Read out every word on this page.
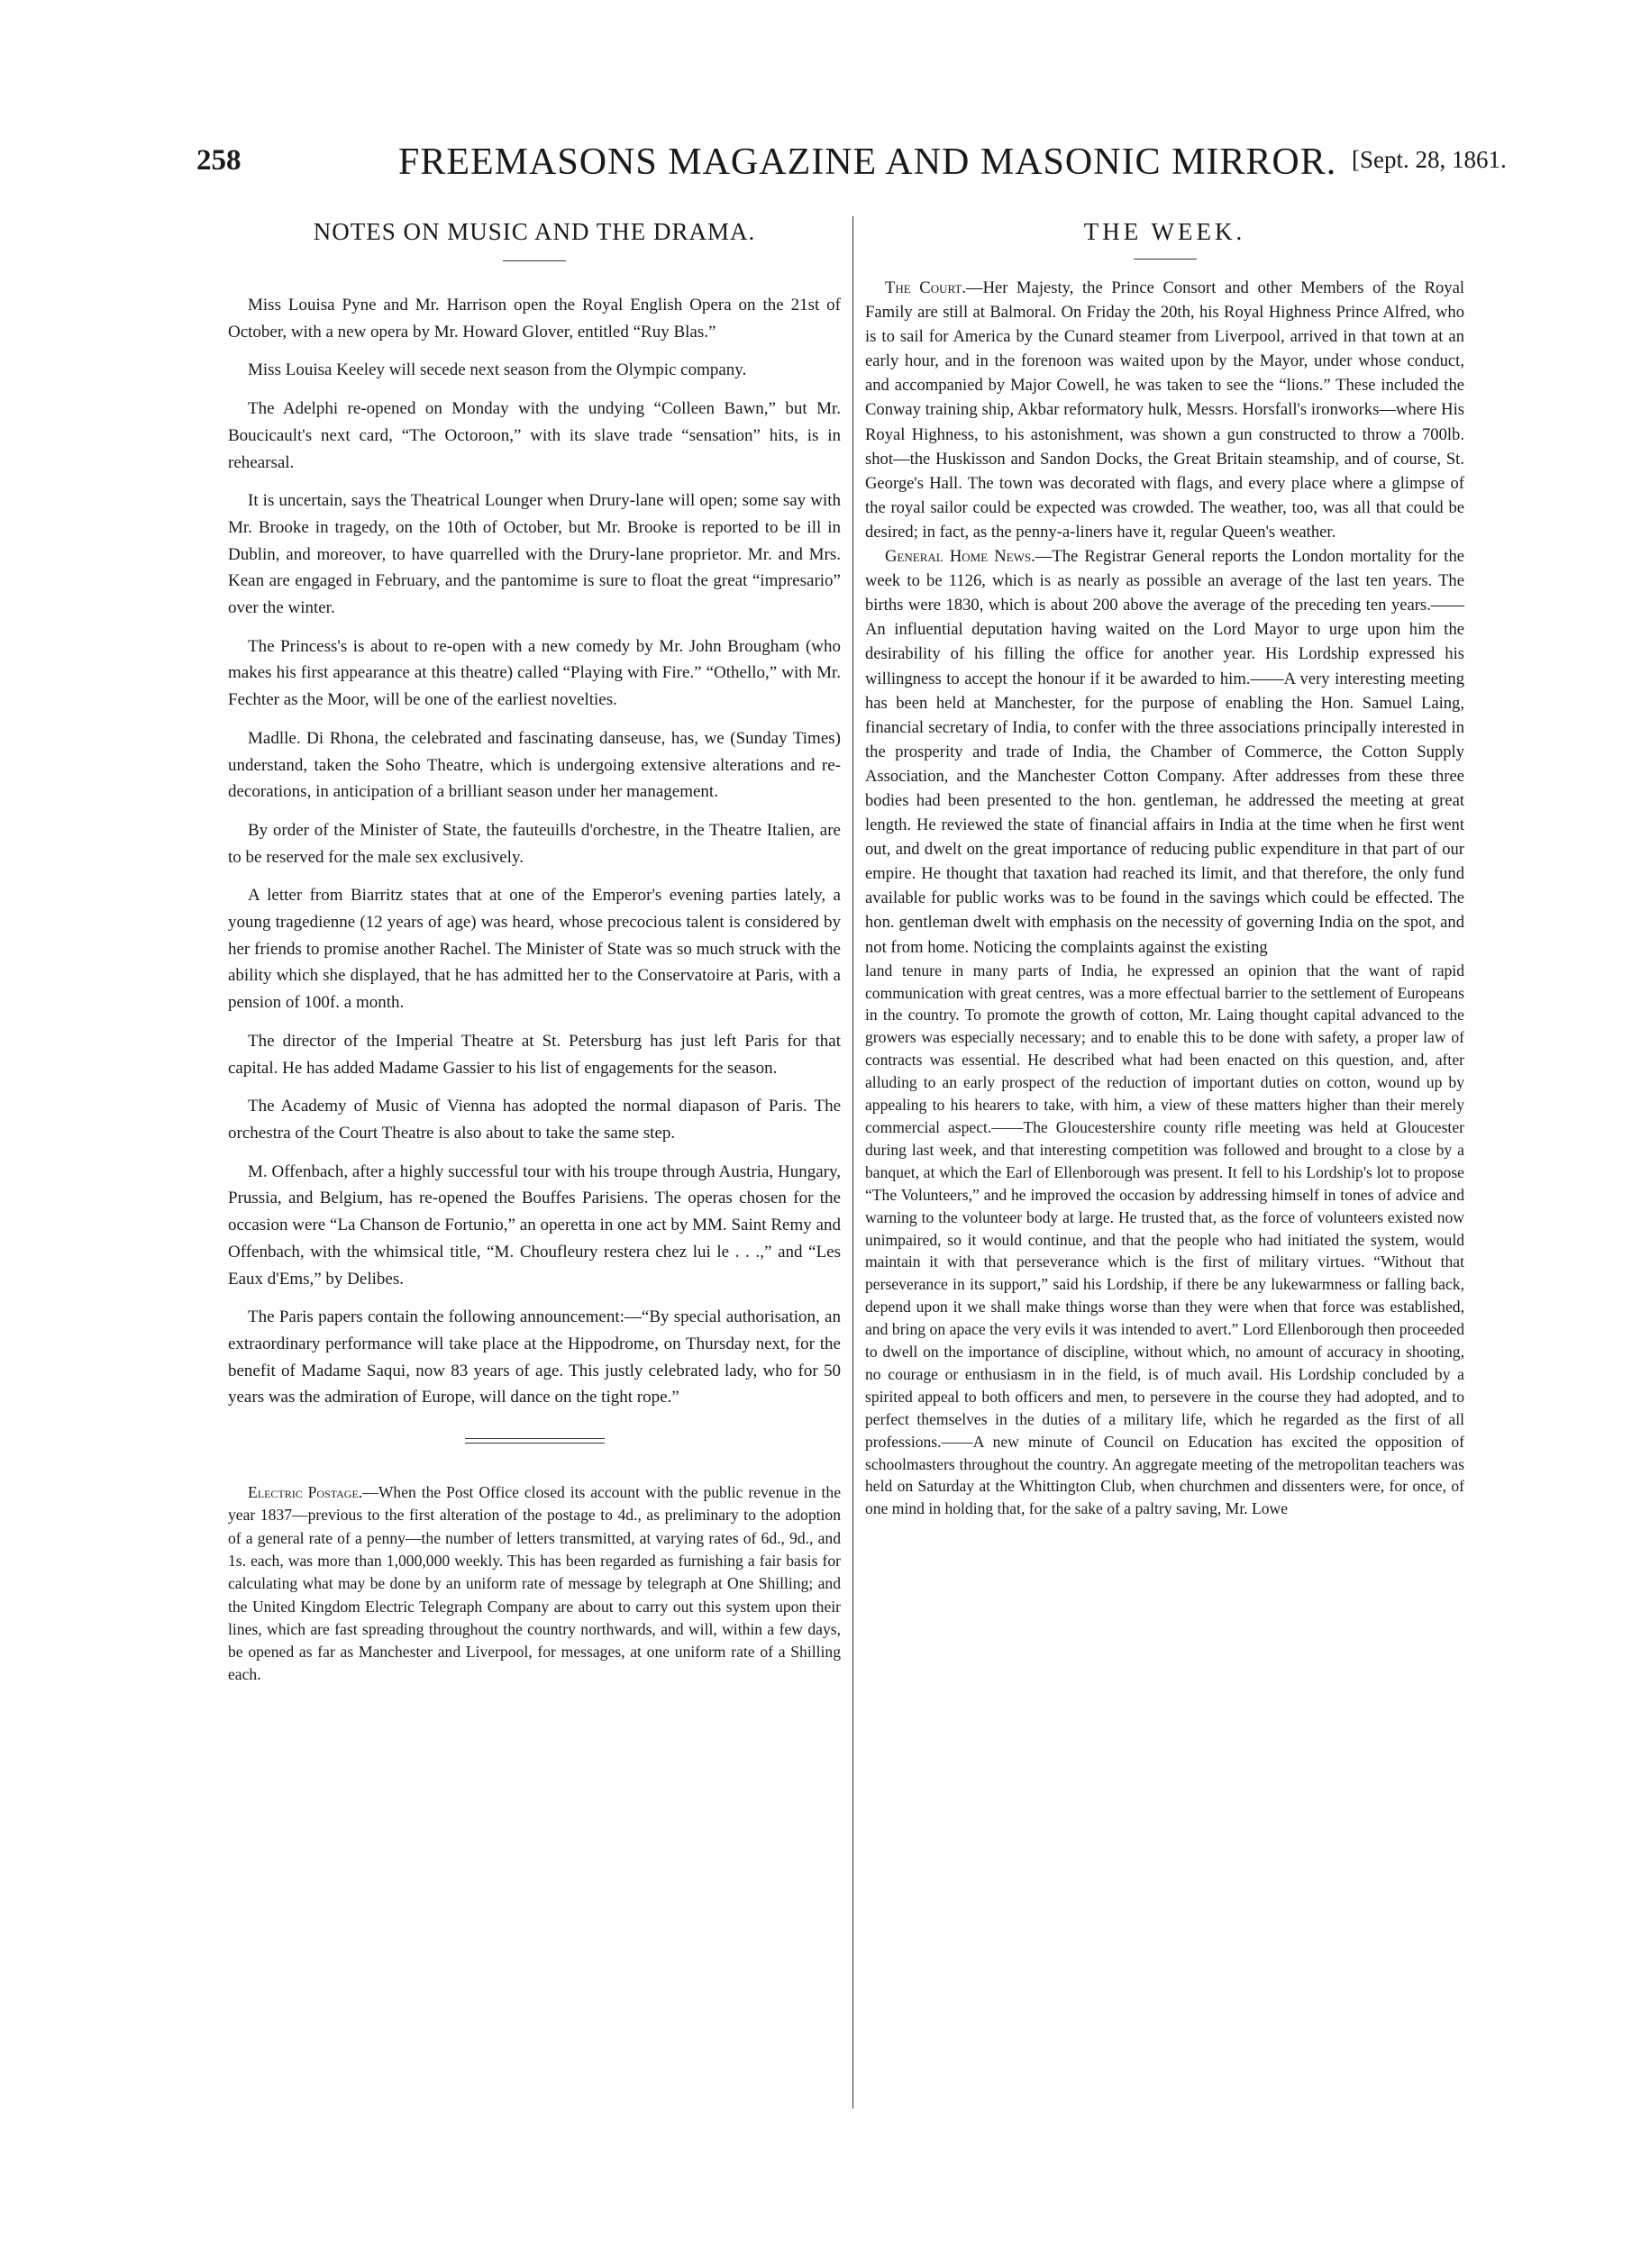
258	FREEMASONS MAGAZINE AND MASONIC MIRROR. [Sept. 28, 1861.
NOTES ON MUSIC AND THE DRAMA.

Miss Louisa Pyne and Mr. Harrison open the Royal English Opera on the 21st of October, with a new opera by Mr. Howard Glover, entitled “Ruy Blas.”

Miss Louisa Keeley will secede next season from the Olympic company.

The Adelphi re-opened on Monday with the undying “Colleen Bawn,” but Mr. Boucicault's next card, “The Octoroon,” with its slave trade “sensation” hits, is in rehearsal.

It is uncertain, says the Theatrical Lounger when Drury-lane will open; some say with Mr. Brooke in tragedy, on the 10th of October, but Mr. Brooke is reported to be ill in Dublin, and moreover, to have quarrelled with the Drury-lane proprietor. Mr. and Mrs. Kean are engaged in February, and the pantomime is sure to float the great “impresario” over the winter.

The Princess's is about to re-open with a new comedy by Mr. John Brougham (who makes his first appearance at this theatre) called “Playing with Fire.” “Othello,” with Mr. Fechter as the Moor, will be one of the earliest novelties.

Madlle. Di Rhona, the celebrated and fascinating danseuse, has, we (Sunday Times) understand, taken the Soho Theatre, which is undergoing extensive alterations and re-decorations, in anticipation of a brilliant season under her management.

By order of the Minister of State, the fauteuills d'orchestre, in the Theatre Italien, are to be reserved for the male sex exclusively.

A letter from Biarritz states that at one of the Emperor's evening parties lately, a young tragedienne (12 years of age) was heard, whose precocious talent is considered by her friends to promise another Rachel. The Minister of State was so much struck with the ability which she displayed, that he has admitted her to the Conservatoire at Paris, with a pension of 100f. a month.

The director of the Imperial Theatre at St. Petersburg has just left Paris for that capital. He has added Madame Gassier to his list of engagements for the season.

The Academy of Music of Vienna has adopted the normal diapason of Paris. The orchestra of the Court Theatre is also about to take the same step.

M. Offenbach, after a highly successful tour with his troupe through Austria, Hungary, Prussia, and Belgium, has re-opened the Bouffes Parisiens. The operas chosen for the occasion were “La Chanson de Fortunio,” an operetta in one act by MM. Saint Remy and Offenbach, with the whimsical title, “M. Choufleury restera chez lui le . . .,” and “Les Eaux d'Ems,” by Delibes.

The Paris papers contain the following announcement:—“By special authorisation, an extraordinary performance will take place at the Hippodrome, on Thursday next, for the benefit of Madame Saqui, now 83 years of age. This justly celebrated lady, who for 50 years was the admiration of Europe, will dance on the tight rope.”

Electric Postage.—When the Post Office closed its account with the public revenue in the year 1837—previous to the first alteration of the postage to 4d., as preliminary to the adoption of a general rate of a penny—the number of letters transmitted, at varying rates of 6d., 9d., and 1s. each, was more than 1,000,000 weekly. This has been regarded as furnishing a fair basis for calculating what may be done by an uniform rate of message by telegraph at One Shilling; and the United Kingdom Electric Telegraph Company are about to carry out this system upon their lines, which are fast spreading throughout the country northwards, and will, within a few days, be opened as far as Manchester and Liverpool, for messages, at one uniform rate of a Shilling each.

THE WEEK.

The Court.—Her Majesty, the Prince Consort and other Members of the Royal Family are still at Balmoral. On Friday the 20th, his Royal Highness Prince Alfred, who is to sail for America by the Cunard steamer from Liverpool, arrived in that town at an early hour, and in the forenoon was waited upon by the Mayor, under whose conduct, and accompanied by Major Cowell, he was taken to see the “lions.” These included the Conway training ship, Akbar reformatory hulk, Messrs. Horsfall's ironworks—where His Royal Highness, to his astonishment, was shown a gun constructed to throw a 700lb. shot—the Huskisson and Sandon Docks, the Great Britain steamship, and of course, St. George's Hall. The town was decorated with flags, and every place where a glimpse of the royal sailor could be expected was crowded. The weather, too, was all that could be desired; in fact, as the penny-a-liners have it, regular Queen's weather.

General Home News.—The Registrar General reports the London mortality for the week to be 1126, which is as nearly as possible an average of the last ten years. The births were 1830, which is about 200 above the average of the preceding ten years.——An influential deputation having waited on the Lord Mayor to urge upon him the desirability of his filling the office for another year. His Lordship expressed his willingness to accept the honour if it be awarded to him.——A very interesting meeting has been held at Manchester, for the purpose of enabling the Hon. Samuel Laing, financial secretary of India, to confer with the three associations principally interested in the prosperity and trade of India, the Chamber of Commerce, the Cotton Supply Association, and the Manchester Cotton Company. After addresses from these three bodies had been presented to the hon. gentleman, he addressed the meeting at great length. He reviewed the state of financial affairs in India at the time when he first went out, and dwelt on the great importance of reducing public expenditure in that part of our empire. He thought that taxation had reached its limit, and that therefore, the only fund available for public works was to be found in the savings which could be effected. The hon. gentleman dwelt with emphasis on the necessity of governing India on the spot, and not from home. Noticing the complaints against the existing

land tenure in many parts of India, he expressed an opinion that the want of rapid communication with great centres, was a more effectual barrier to the settlement of Europeans in the country. To promote the growth of cotton, Mr. Laing thought capital advanced to the growers was especially necessary; and to enable this to be done with safety, a proper law of contracts was essential. He described what had been enacted on this question, and, after alluding to an early prospect of the reduction of important duties on cotton, wound up by appealing to his hearers to take, with him, a view of these matters higher than their merely commercial aspect.——The Gloucestershire county rifle meeting was held at Gloucester during last week, and that interesting competition was followed and brought to a close by a banquet, at which the Earl of Ellenborough was present. It fell to his Lordship's lot to propose “The Volunteers,” and he improved the occasion by addressing himself in tones of advice and warning to the volunteer body at large. He trusted that, as the force of volunteers existed now unimpaired, so it would continue, and that the people who had initiated the system, would maintain it with that perseverance which is the first of military virtues. “Without that perseverance in its support,” said his Lordship, if there be any lukewarmness or falling back, depend upon it we shall make things worse than they were when that force was established, and bring on apace the very evils it was intended to avert.” Lord Ellenborough then proceeded to dwell on the importance of discipline, without which, no amount of accuracy in shooting, no courage or enthusiasm in in the field, is of much avail. His Lordship concluded by a spirited appeal to both officers and men, to persevere in the course they had adopted, and to perfect themselves in the duties of a military life, which he regarded as the first of all professions.——A new minute of Council on Education has excited the opposition of schoolmasters throughout the country. An aggregate meeting of the metropolitan teachers was held on Saturday at the Whittington Club, when churchmen and dissenters were, for once, of one mind in holding that, for the sake of a paltry saving, Mr. Lowe
